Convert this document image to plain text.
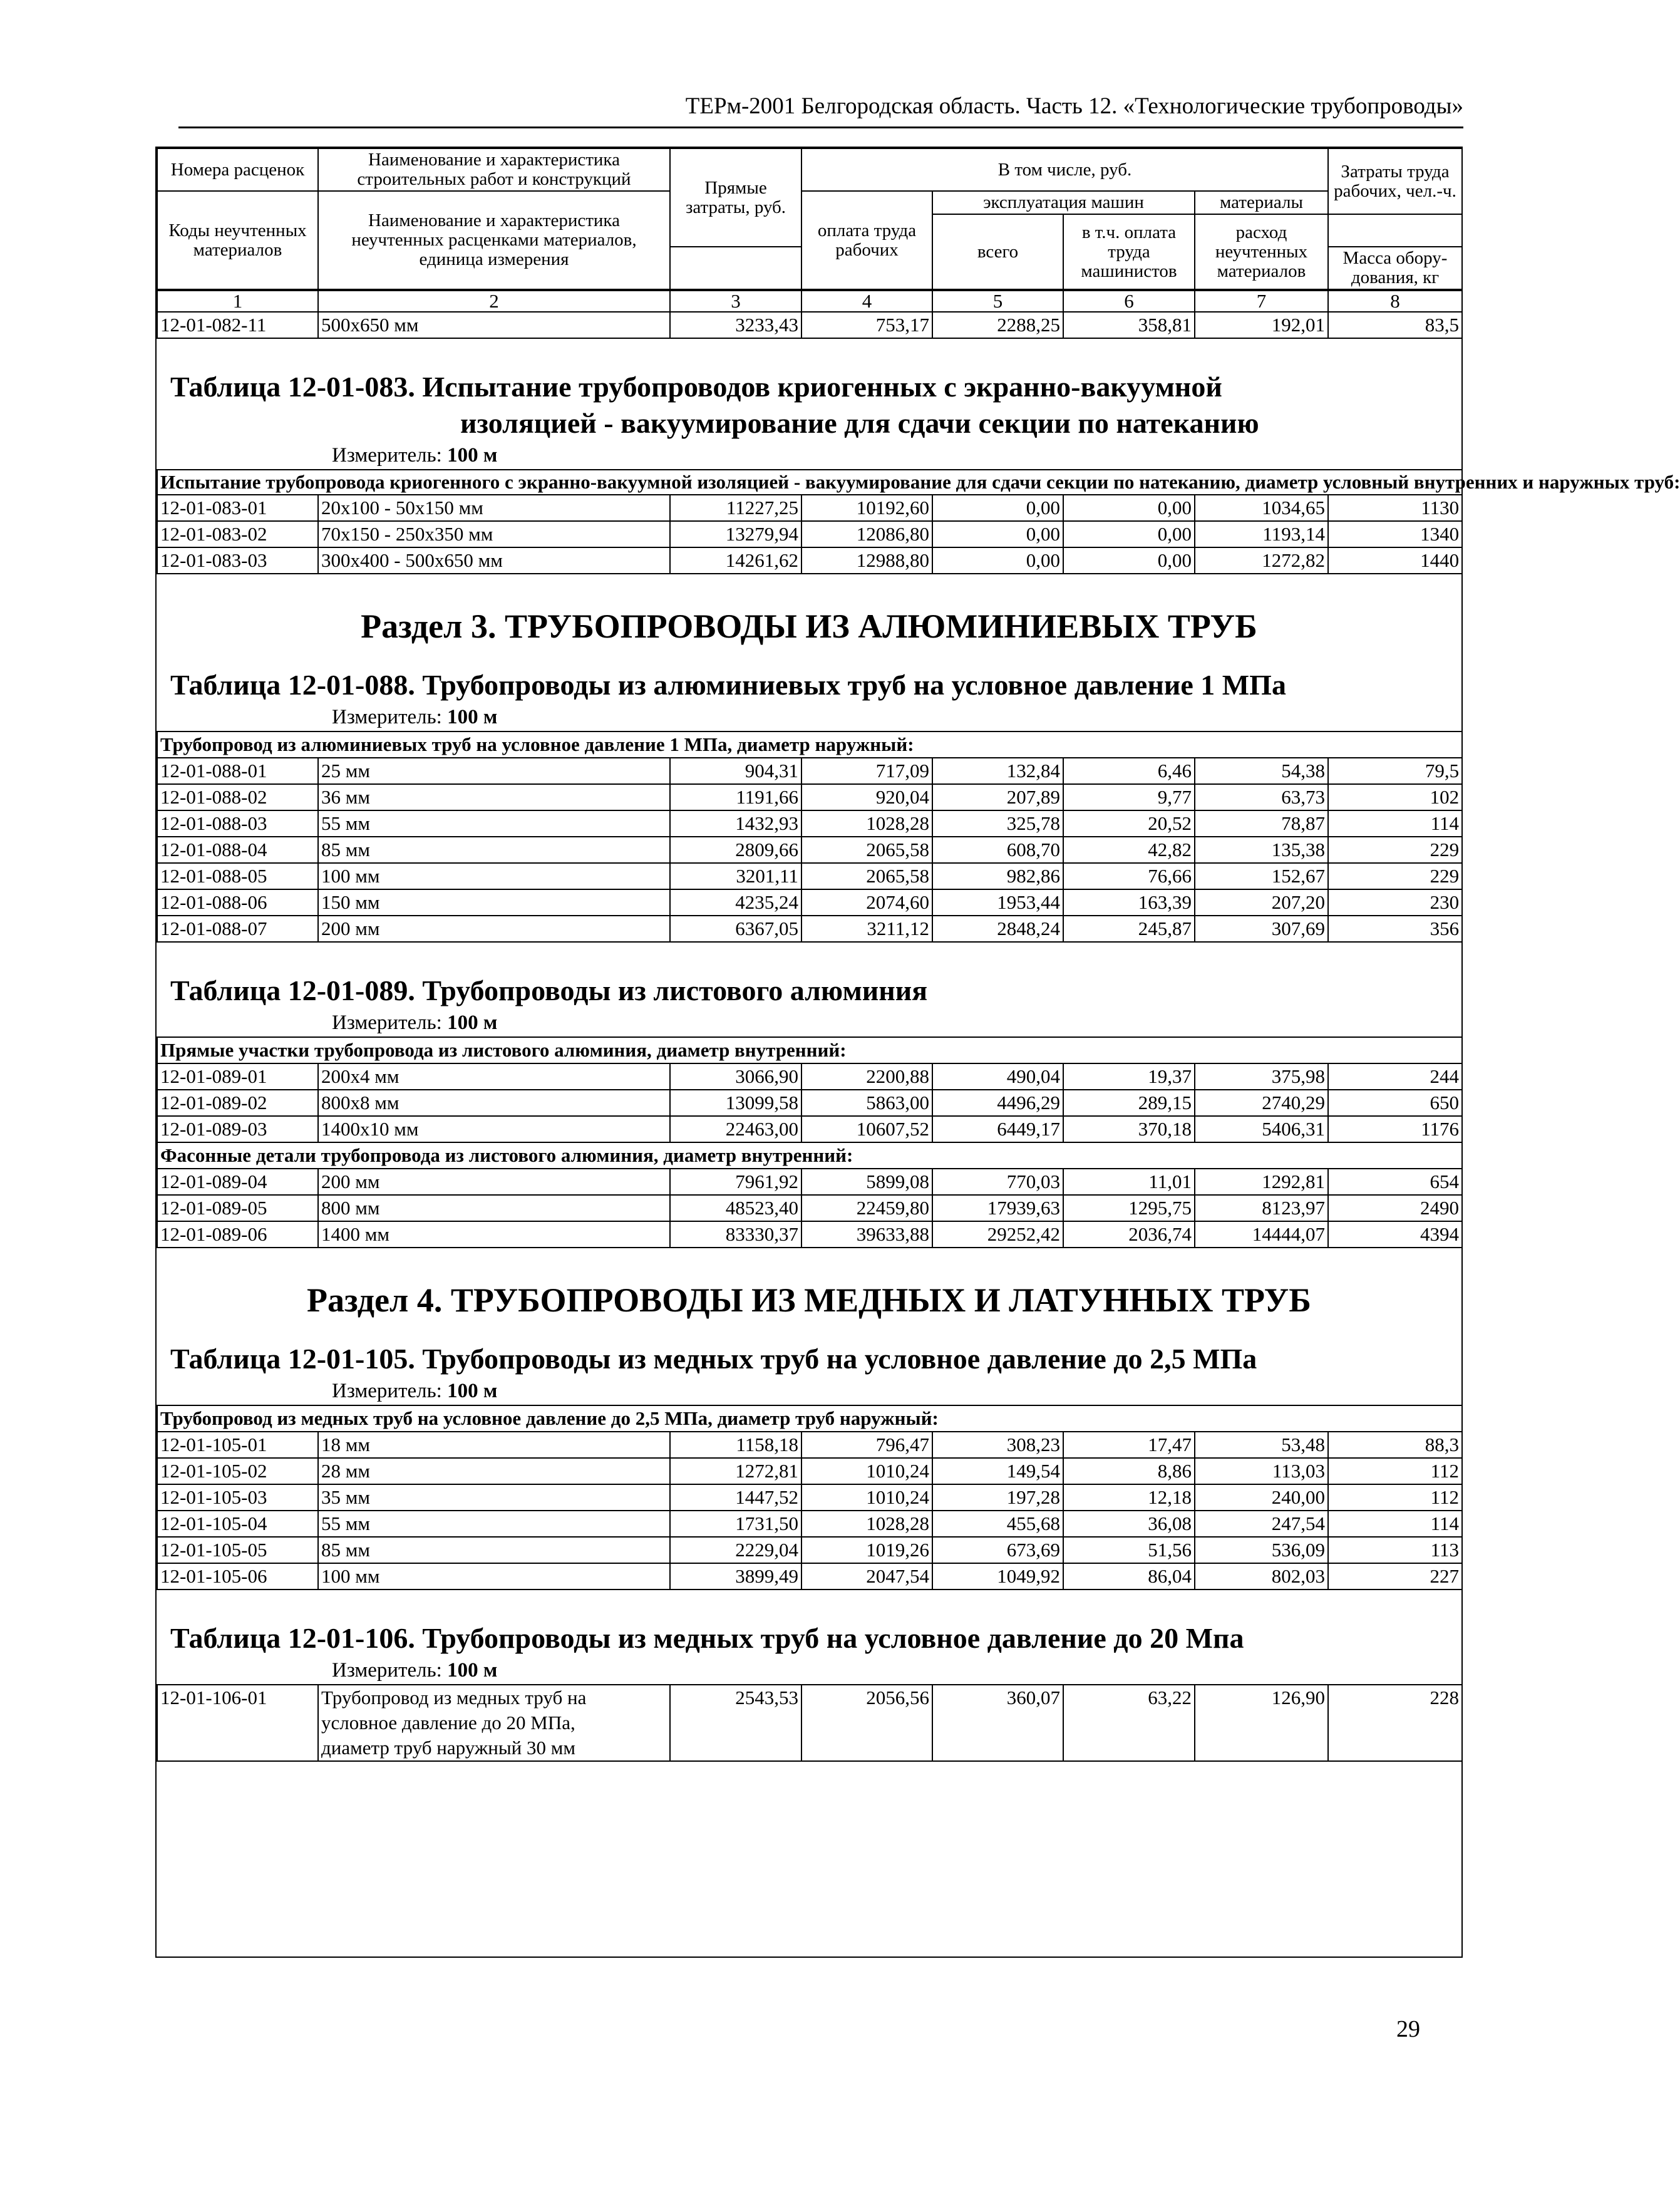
ТЕРм-2001 Белгородская область. Часть 12. «Технологические трубопроводы»
Номера расценок	Наименование и характеристика строительных работ и конструкций	Прямые затраты, руб.	В том числе, руб.				Затраты труда рабочих, чел.-ч.
Коды неучтенных материалов	Наименование и характеристика неучтенных расценками материалов, единица измерения		оплата труда рабочих	эксплуатация машин		материалы	
				всего	в т.ч. оплата труда машинистов	расход неучтенных материалов	
							Масса обору-дования, кг
1	2	3	4	5	6	7	8
12-01-082-11	500х650 мм	3233,43	753,17	2288,25	358,81	192,01	83,5
Таблица 12-01-083. Испытание трубопроводов криогенных с экранно-вакуумной
изоляцией - вакуумирование для сдачи секции по натеканию
Измеритель: 100 м
Испытание трубопровода криогенного с экранно-вакуумной изоляцией - вакуумирование для сдачи секции по натеканию, диаметр условный внутренних и наружных труб:							
12-01-083-01	20х100 - 50х150 мм	11227,25	10192,60	0,00	0,00	1034,65	1130
12-01-083-02	70х150 - 250х350 мм	13279,94	12086,80	0,00	0,00	1193,14	1340
12-01-083-03	300х400 - 500х650 мм	14261,62	12988,80	0,00	0,00	1272,82	1440
Раздел 3. ТРУБОПРОВОДЫ ИЗ АЛЮМИНИЕВЫХ ТРУБ
Таблица 12-01-088. Трубопроводы из алюминиевых труб на условное давление 1 МПа
Измеритель: 100 м
Трубопровод из алюминиевых труб на условное давление 1 МПа, диаметр наружный:							
12-01-088-01	25 мм	904,31	717,09	132,84	6,46	54,38	79,5
12-01-088-02	36 мм	1191,66	920,04	207,89	9,77	63,73	102
12-01-088-03	55 мм	1432,93	1028,28	325,78	20,52	78,87	114
12-01-088-04	85 мм	2809,66	2065,58	608,70	42,82	135,38	229
12-01-088-05	100 мм	3201,11	2065,58	982,86	76,66	152,67	229
12-01-088-06	150 мм	4235,24	2074,60	1953,44	163,39	207,20	230
12-01-088-07	200 мм	6367,05	3211,12	2848,24	245,87	307,69	356
Таблица 12-01-089. Трубопроводы из листового алюминия
Измеритель: 100 м
Прямые участки трубопровода из листового алюминия, диаметр внутренний:							
12-01-089-01	200х4 мм	3066,90	2200,88	490,04	19,37	375,98	244
12-01-089-02	800х8 мм	13099,58	5863,00	4496,29	289,15	2740,29	650
12-01-089-03	1400х10 мм	22463,00	10607,52	6449,17	370,18	5406,31	1176
Фасонные детали трубопровода из листового алюминия, диаметр внутренний:							
12-01-089-04	200 мм	7961,92	5899,08	770,03	11,01	1292,81	654
12-01-089-05	800 мм	48523,40	22459,80	17939,63	1295,75	8123,97	2490
12-01-089-06	1400 мм	83330,37	39633,88	29252,42	2036,74	14444,07	4394
Раздел 4. ТРУБОПРОВОДЫ ИЗ МЕДНЫХ И ЛАТУННЫХ ТРУБ
Таблица 12-01-105. Трубопроводы из медных труб на условное давление до 2,5 МПа
Измеритель: 100 м
Трубопровод из медных труб на условное давление до 2,5 МПа, диаметр труб наружный:							
12-01-105-01	18 мм	1158,18	796,47	308,23	17,47	53,48	88,3
12-01-105-02	28 мм	1272,81	1010,24	149,54	8,86	113,03	112
12-01-105-03	35 мм	1447,52	1010,24	197,28	12,18	240,00	112
12-01-105-04	55 мм	1731,50	1028,28	455,68	36,08	247,54	114
12-01-105-05	85 мм	2229,04	1019,26	673,69	51,56	536,09	113
12-01-105-06	100 мм	3899,49	2047,54	1049,92	86,04	802,03	227
Таблица 12-01-106. Трубопроводы из медных труб на условное давление до 20 Мпа
Измеритель: 100 м
12-01-106-01	Трубопровод из медных труб на
условное давление до 20 МПа,
диаметр труб наружный 30 мм
	2543,53	2056,56	360,07	63,22	126,90	228
29
